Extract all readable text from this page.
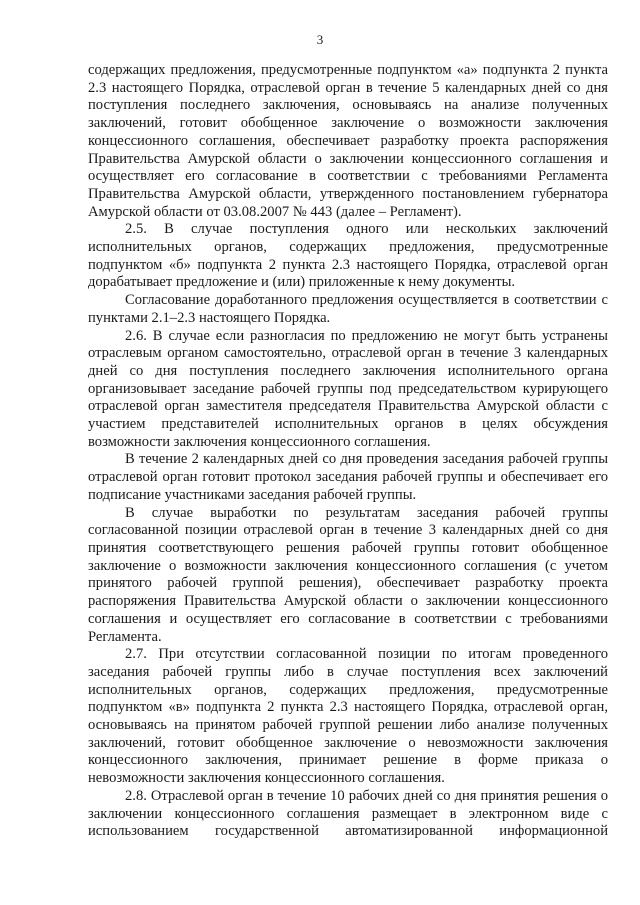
3

содержащих предложения, предусмотренные подпунктом «а» подпункта 2 пункта 2.3 настоящего Порядка, отраслевой орган в течение 5 календарных дней со дня поступления последнего заключения, основываясь на анализе полученных заключений, готовит обобщенное заключение о возможности заключения концессионного соглашения, обеспечивает разработку проекта распоряжения Правительства Амурской области о заключении концессионного соглашения и осуществляет его согласование в соответствии с требованиями Регламента Правительства Амурской области, утвержденного постановлением губернатора Амурской области от 03.08.2007 № 443 (далее – Регламент).

2.5. В случае поступления одного или нескольких заключений исполнительных органов, содержащих предложения, предусмотренные подпунктом «б» подпункта 2 пункта 2.3 настоящего Порядка, отраслевой орган дорабатывает предложение и (или) приложенные к нему документы.

Согласование доработанного предложения осуществляется в соответствии с пунктами 2.1–2.3 настоящего Порядка.

2.6. В случае если разногласия по предложению не могут быть устранены отраслевым органом самостоятельно, отраслевой орган в течение 3 календарных дней со дня поступления последнего заключения исполнительного органа организовывает заседание рабочей группы под председательством курирующего отраслевой орган заместителя председателя Правительства Амурской области с участием представителей исполнительных органов в целях обсуждения возможности заключения концессионного соглашения.

В течение 2 календарных дней со дня проведения заседания рабочей группы отраслевой орган готовит протокол заседания рабочей группы и обеспечивает его подписание участниками заседания рабочей группы.

В случае выработки по результатам заседания рабочей группы согласованной позиции отраслевой орган в течение 3 календарных дней со дня принятия соответствующего решения рабочей группы готовит обобщенное заключение о возможности заключения концессионного соглашения (с учетом принятого рабочей группой решения), обеспечивает разработку проекта распоряжения Правительства Амурской области о заключении концессионного соглашения и осуществляет его согласование в соответствии с требованиями Регламента.

2.7. При отсутствии согласованной позиции по итогам проведенного заседания рабочей группы либо в случае поступления всех заключений исполнительных органов, содержащих предложения, предусмотренные подпунктом «в» подпункта 2 пункта 2.3 настоящего Порядка, отраслевой орган, основываясь на принятом рабочей группой решении либо анализе полученных заключений, готовит обобщенное заключение о невозможности заключения концессионного заключения, принимает решение в форме приказа о невозможности заключения концессионного соглашения.

2.8. Отраслевой орган в течение 10 рабочих дней со дня принятия решения о заключении концессионного соглашения размещает в электронном виде с использованием государственной автоматизированной информационной
